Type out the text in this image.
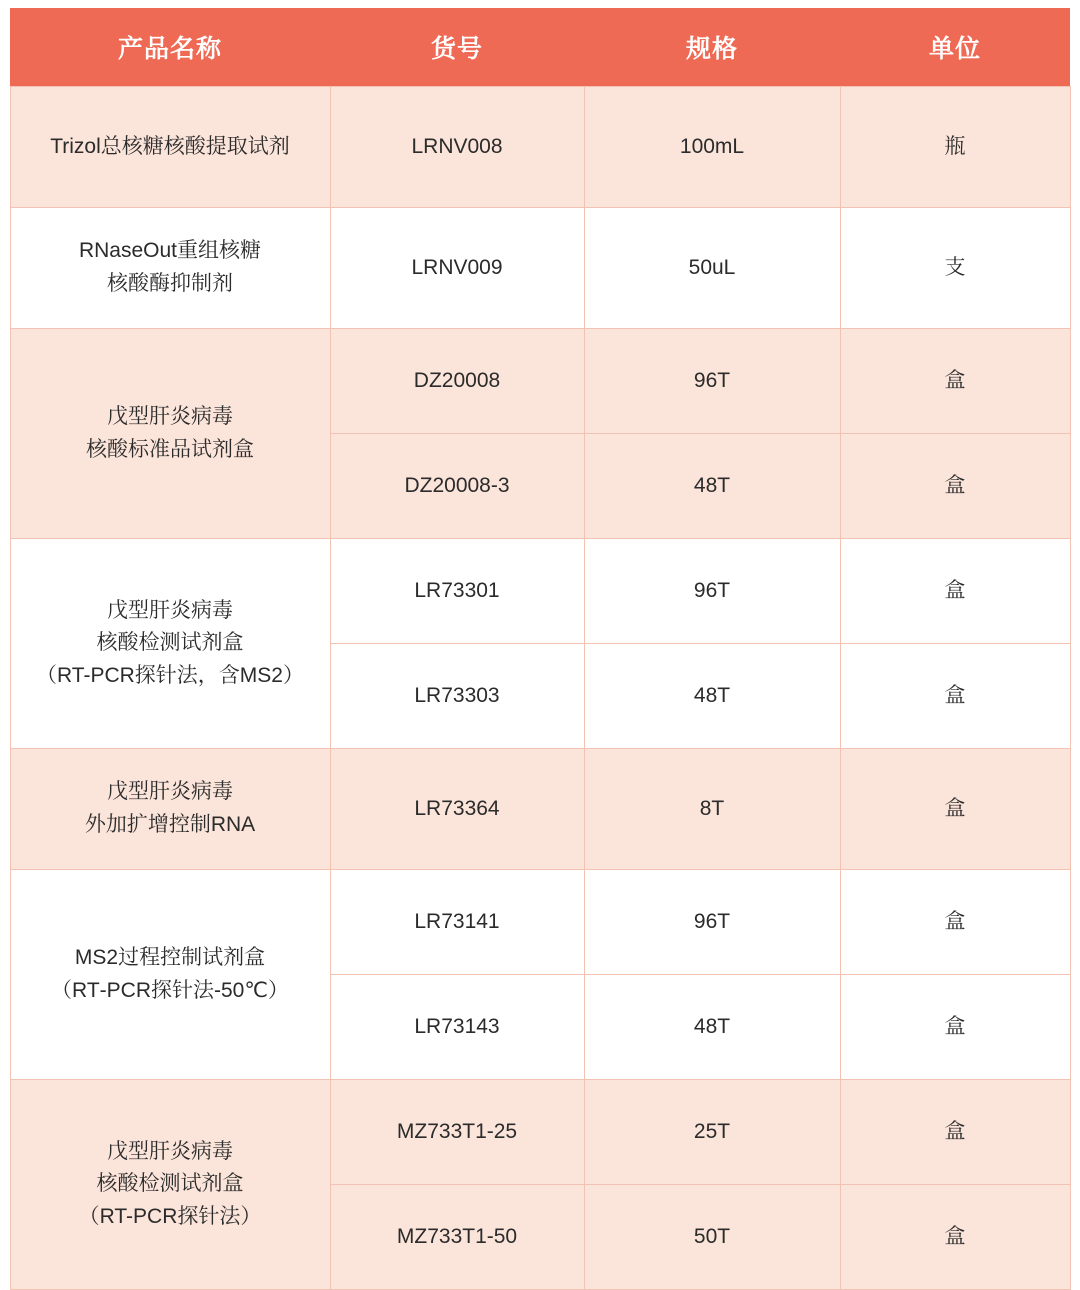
产品名称	货号	规格	单位

Trizol总核糖核酸提取试剂	LRNV008	100mL	瓶

RNaseOut重组核糖
核酸酶抑制剂	LRNV009	50uL	支

戊型肝炎病毒
核酸标准品试剂盒	DZ20008	96T	盒
	DZ20008-3	48T	盒

戊型肝炎病毒
核酸检测试剂盒
（RT-PCR探针法，含MS2）	LR73301	96T	盒
	LR73303	48T	盒

戊型肝炎病毒
外加扩增控制RNA	LR73364	8T	盒

MS2过程控制试剂盒
（RT‑PCR探针法‑50℃）	LR73141	96T	盒
	LR73143	48T	盒

戊型肝炎病毒
核酸检测试剂盒
（RT-PCR探针法）	MZ733T1-25	25T	盒
	MZ733T1-50	50T	盒
